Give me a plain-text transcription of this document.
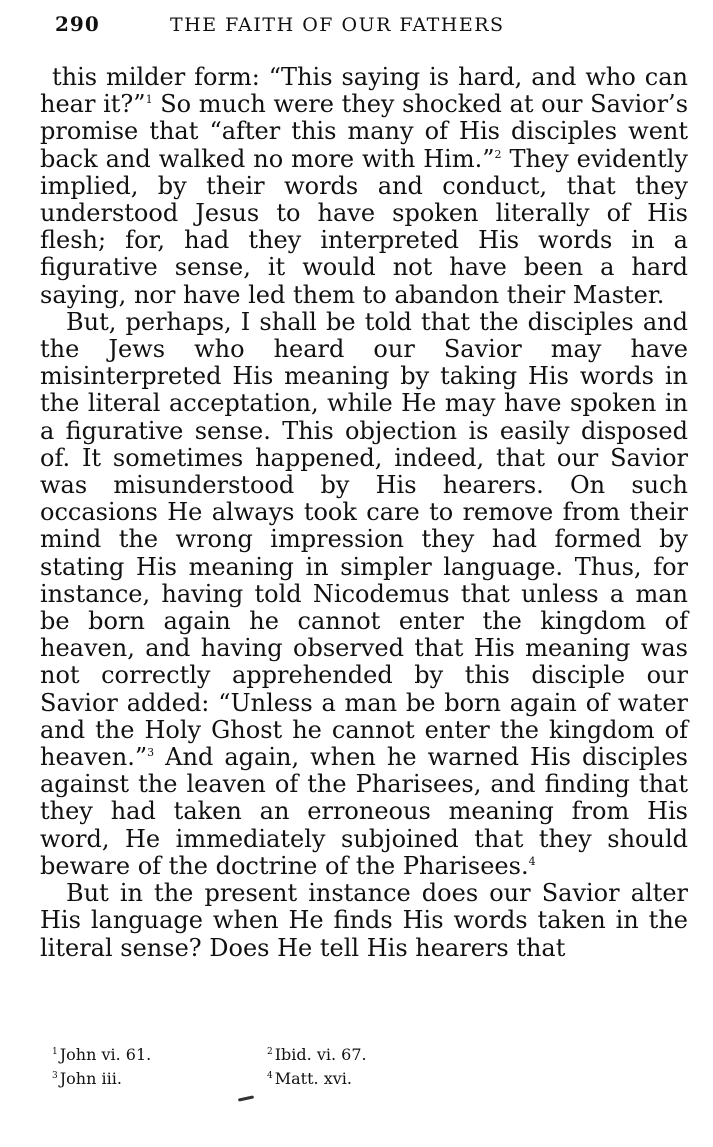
290	THE FAITH OF OUR FATHERS

this milder form: “This saying is hard, and who can hear it?”$^1$ So much were they shocked at our Savior’s promise that “after this many of His disciples went back and walked no more with Him.”$^2$ They evidently implied, by their words and conduct, that they understood Jesus to have spoken literally of His flesh; for, had they interpreted His words in a figurative sense, it would not have been a hard saying, nor have led them to abandon their Master.

But, perhaps, I shall be told that the disciples and the Jews who heard our Savior may have misinterpreted His meaning by taking His words in the literal acceptation, while He may have spoken in a figurative sense. This objection is easily disposed of. It sometimes happened, indeed, that our Savior was misunderstood by His hearers. On such occasions He always took care to remove from their mind the wrong impression they had formed by stating His meaning in simpler language. Thus, for instance, having told Nicodemus that unless a man be born again he cannot enter the kingdom of heaven, and having observed that His meaning was not correctly apprehended by this disciple our Savior added: “Unless a man be born again of water and the Holy Ghost he cannot enter the kingdom of heaven.”$^3$ And again, when he warned His disciples against the leaven of the Pharisees, and finding that they had taken an erroneous meaning from His word, He immediately subjoined that they should beware of the doctrine of the Pharisees.$^4$

But in the present instance does our Savior alter His language when He finds His words taken in the literal sense? Does He tell His hearers that

$^1$ John vi. 61.	$^2$ Ibid. vi. 67.
$^3$ John iii.	$^4$ Matt. xvi.
